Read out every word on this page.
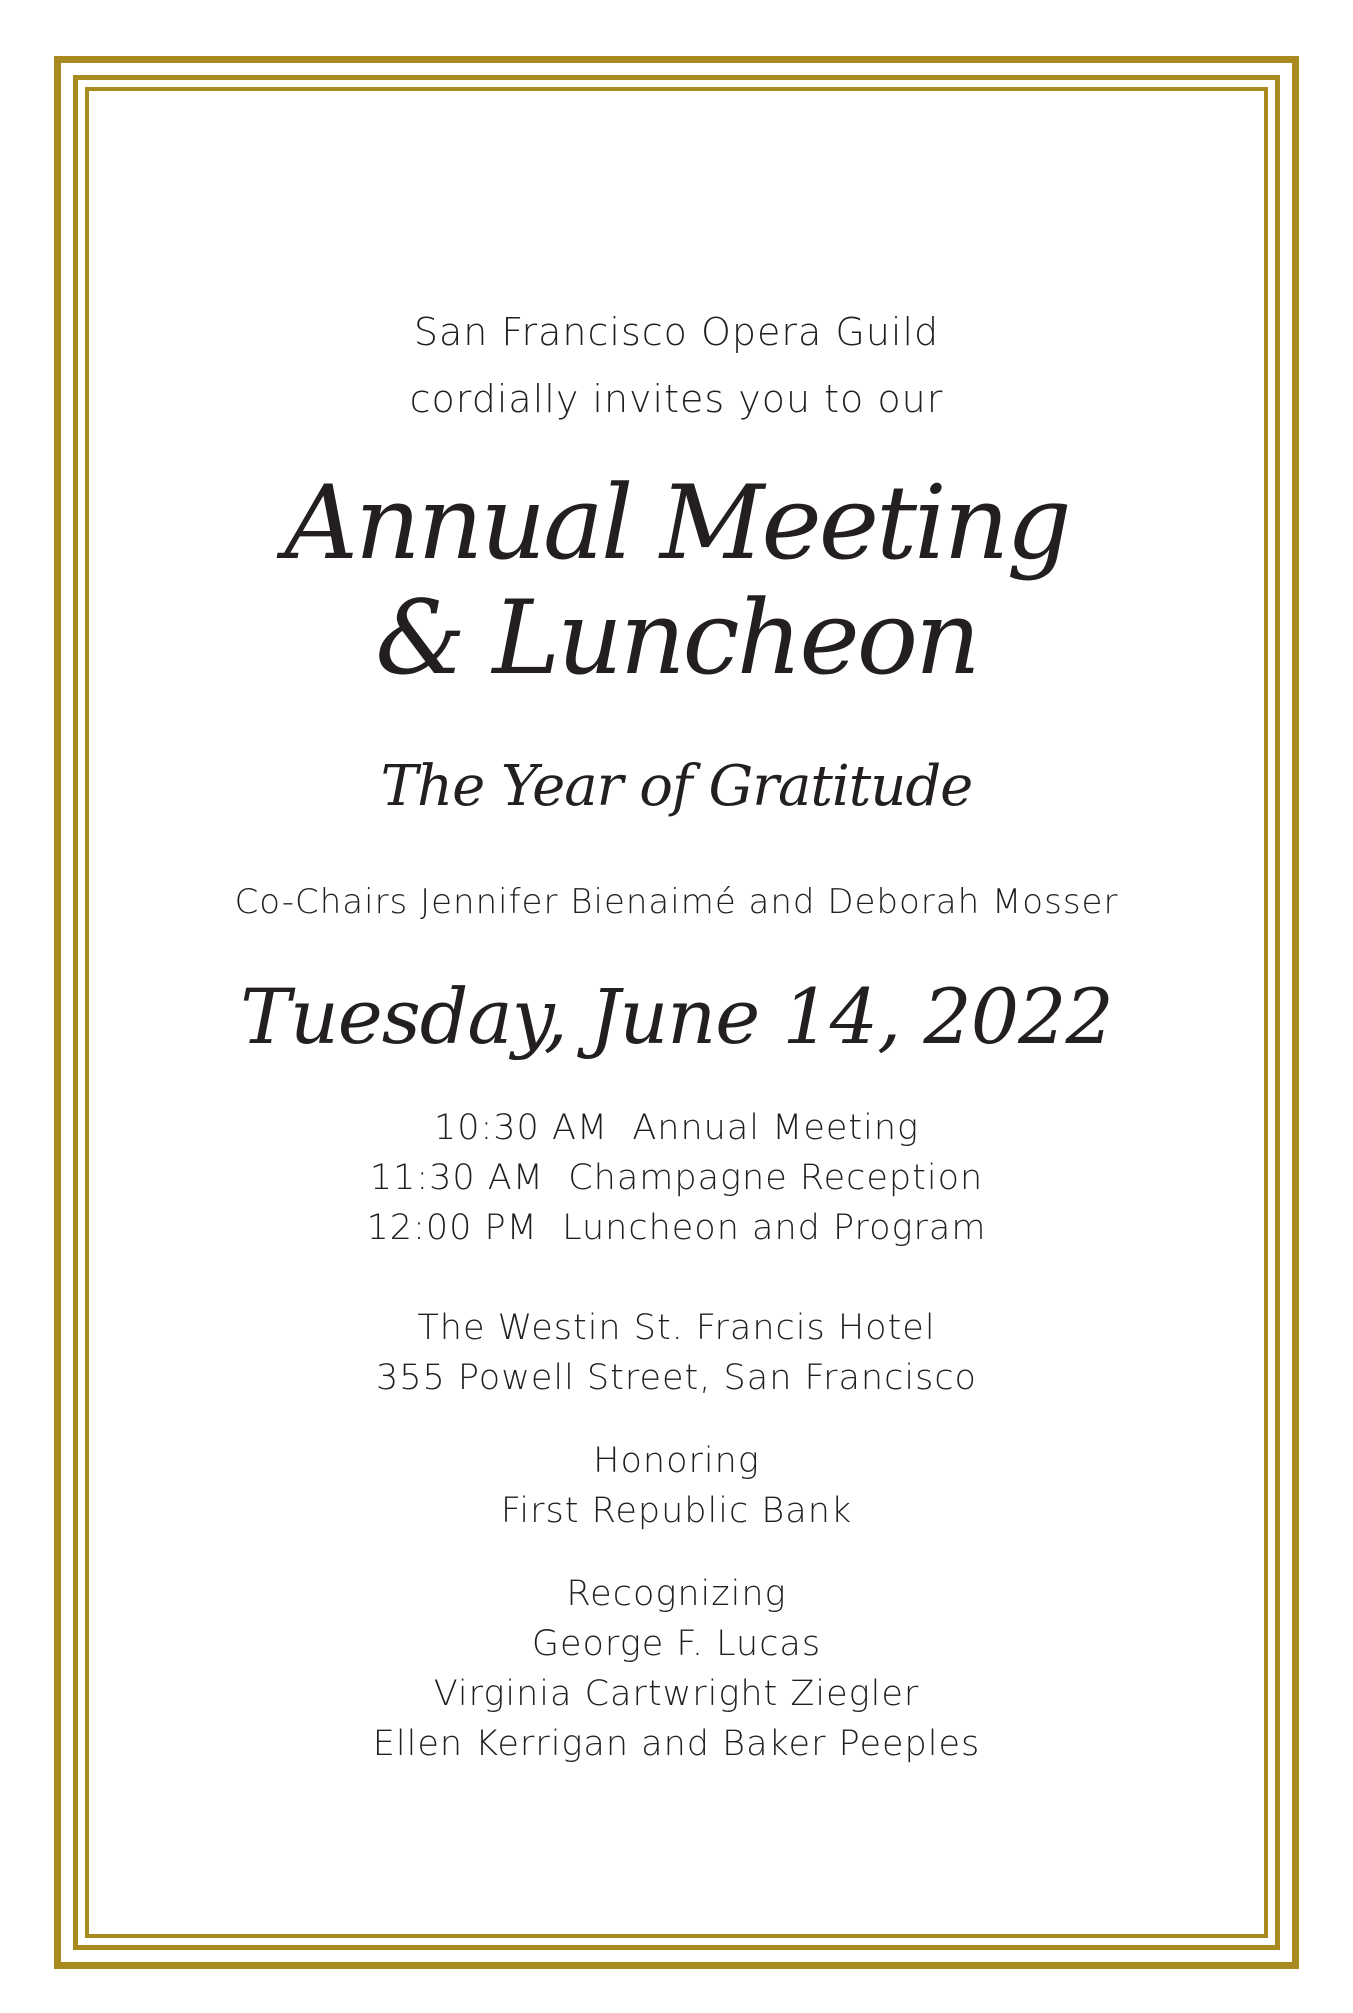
San Francisco Opera Guild
cordially invites you to our
Annual Meeting
& Luncheon
The Year of Gratitude
Co-Chairs Jennifer Bienaimé and Deborah Mosser
Tuesday, June 14, 2022
10:30 AM  Annual Meeting
11:30 AM  Champagne Reception
12:00 PM  Luncheon and Program
The Westin St. Francis Hotel
355 Powell Street, San Francisco
Honoring
First Republic Bank
Recognizing
George F. Lucas
Virginia Cartwright Ziegler
Ellen Kerrigan and Baker Peeples
